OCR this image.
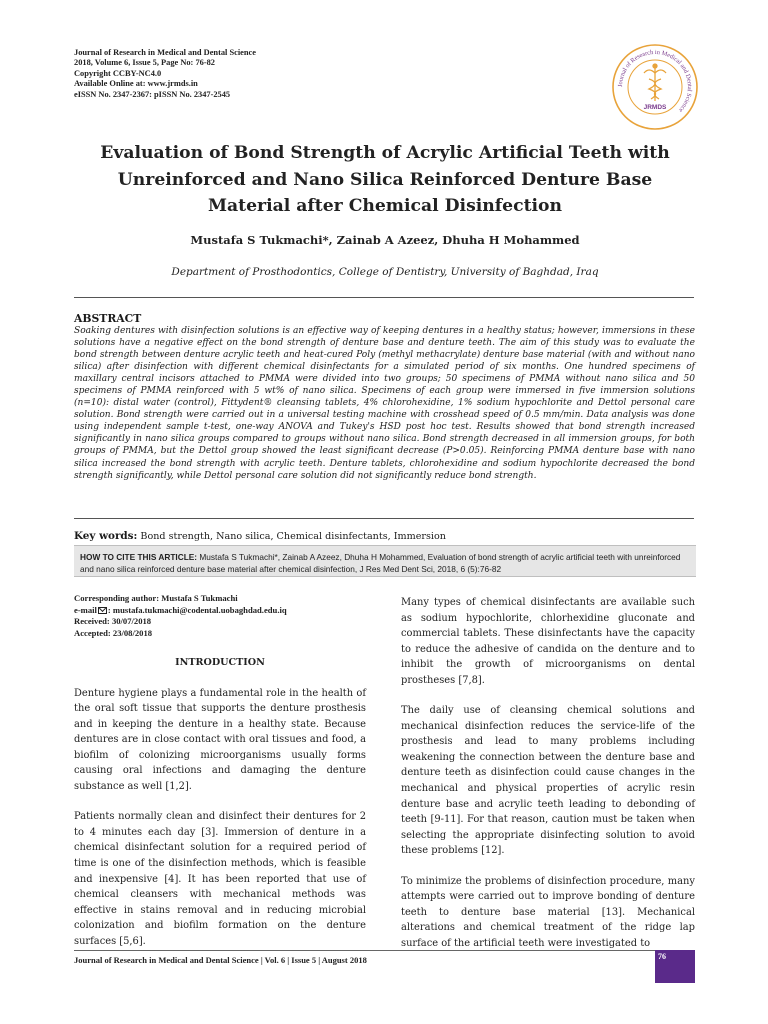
Journal of Research in Medical and Dental Science
2018, Volume 6, Issue 5, Page No: 76-82
Copyright CCBY-NC4.0
Available Online at: www.jrmds.in
eISSN No. 2347-2367: pISSN No. 2347-2545
Journal of Research in Medical and Dental Science
JRMDS
Evaluation of Bond Strength of Acrylic Artificial Teeth with
Unreinforced and Nano Silica Reinforced Denture Base
Material after Chemical Disinfection
Mustafa S Tukmachi*, Zainab A Azeez, Dhuha H Mohammed
Department of Prosthodontics, College of Dentistry, University of Baghdad, Iraq
ABSTRACT
Soaking dentures with disinfection solutions is an effective way of keeping dentures in a healthy status; however, immersions in these solutions have a negative effect on the bond strength of denture base and denture teeth. The aim of this study was to evaluate the bond strength between denture acrylic teeth and heat-cured Poly (methyl methacrylate) denture base material (with and without nano silica) after disinfection with different chemical disinfectants for a simulated period of six months. One hundred specimens of maxillary central incisors attached to PMMA were divided into two groups; 50 specimens of PMMA without nano silica and 50 specimens of PMMA reinforced with 5 wt% of nano silica. Specimens of each group were immersed in five immersion solutions (n=10): distal water (control), Fittydent® cleansing tablets, 4% chlorohexidine, 1% sodium hypochlorite and Dettol personal care solution. Bond strength were carried out in a universal testing machine with crosshead speed of 0.5 mm/min. Data analysis was done using independent sample t-test, one-way ANOVA and Tukey's HSD post hoc test. Results showed that bond strength increased significantly in nano silica groups compared to groups without nano silica. Bond strength decreased in all immersion groups, for both groups of PMMA, but the Dettol group showed the least significant decrease (P>0.05). Reinforcing PMMA denture base with nano silica increased the bond strength with acrylic teeth. Denture tablets, chlorohexidine and sodium hypochlorite decreased the bond strength significantly, while Dettol personal care solution did not significantly reduce bond strength.
Key words: Bond strength, Nano silica, Chemical disinfectants, Immersion
HOW TO CITE THIS ARTICLE: Mustafa S Tukmachi*, Zainab A Azeez, Dhuha H Mohammed, Evaluation of bond strength of acrylic artificial teeth with unreinforced and nano silica reinforced denture base material after chemical disinfection, J Res Med Dent Sci, 2018, 6 (5):76-82
Corresponding author: Mustafa S Tukmachi
e-mail : mustafa.tukmachi@codental.uobaghdad.edu.iq
Received: 30/07/2018
Accepted: 23/08/2018
INTRODUCTION

Denture hygiene plays a fundamental role in the health of the oral soft tissue that supports the denture prosthesis and in keeping the denture in a healthy state. Because dentures are in close contact with oral tissues and food, a biofilm of colonizing microorganisms usually forms causing oral infections and damaging the denture substance as well [1,2].

Patients normally clean and disinfect their dentures for 2 to 4 minutes each day [3]. Immersion of denture in a chemical disinfectant solution for a required period of time is one of the disinfection methods, which is feasible and inexpensive [4]. It has been reported that use of chemical cleansers with mechanical methods was effective in stains removal and in reducing microbial colonization and biofilm formation on the denture surfaces [5,6].

Many types of chemical disinfectants are available such as sodium hypochlorite, chlorhexidine gluconate and commercial tablets. These disinfectants have the capacity to reduce the adhesive of candida on the denture and to inhibit the growth of microorganisms on dental prostheses [7,8].

The daily use of cleansing chemical solutions and mechanical disinfection reduces the service-life of the prosthesis and lead to many problems including weakening the connection between the denture base and denture teeth as disinfection could cause changes in the mechanical and physical properties of acrylic resin denture base and acrylic teeth leading to debonding of teeth [9-11]. For that reason, caution must be taken when selecting the appropriate disinfecting solution to avoid these problems [12].

To minimize the problems of disinfection procedure, many attempts were carried out to improve bonding of denture teeth to denture base material [13]. Mechanical alterations and chemical treatment of the ridge lap surface of the artificial teeth were investigated to

Journal of Research in Medical and Dental Science | Vol. 6 | Issue 5 | August 2018	76
